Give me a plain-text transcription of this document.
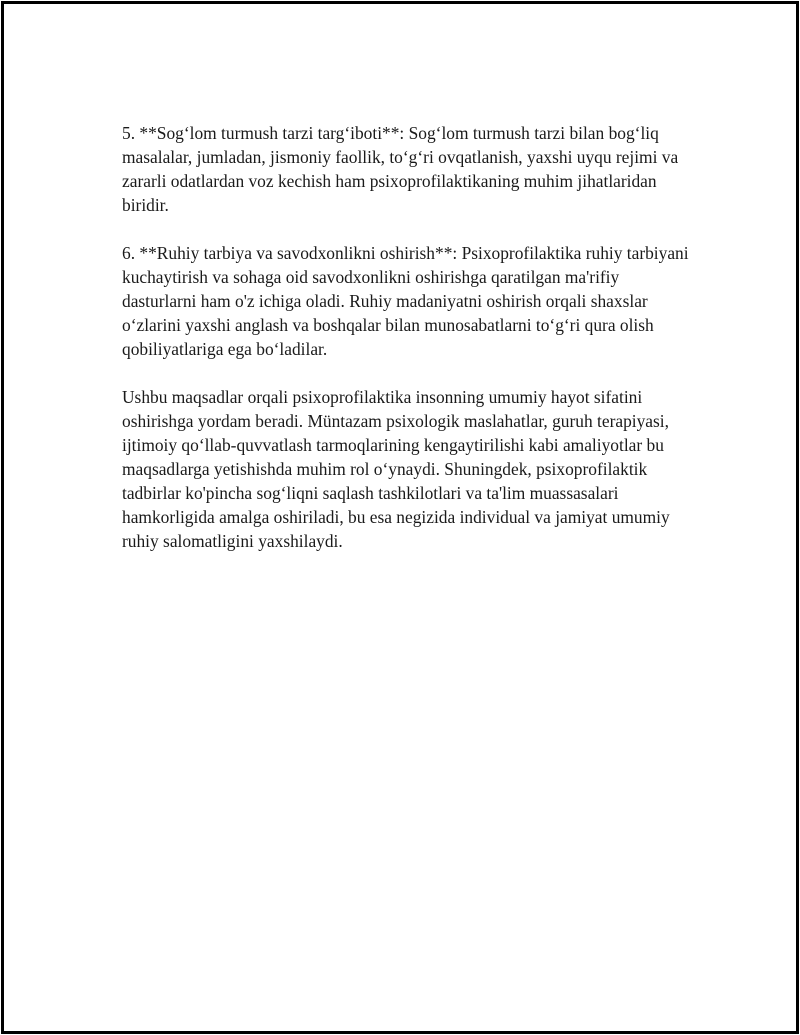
5. **Sog‘lom turmush tarzi targ‘iboti**: Sog‘lom turmush tarzi bilan bog‘liq masalalar, jumladan, jismoniy faollik, to‘g‘ri ovqatlanish, yaxshi uyqu rejimi va zararli odatlardan voz kechish ham psixoprofilaktikaning muhim jihatlaridan biridir.

6. **Ruhiy tarbiya va savodxonlikni oshirish**: Psixoprofilaktika ruhiy tarbiyani kuchaytirish va sohaga oid savodxonlikni oshirishga qaratilgan ma'rifiy dasturlarni ham o'z ichiga oladi. Ruhiy madaniyatni oshirish orqali shaxslar o‘zlarini yaxshi anglash va boshqalar bilan munosabatlarni to‘g‘ri qura olish qobiliyatlariga ega bo‘ladilar.

Ushbu maqsadlar orqali psixoprofilaktika insonning umumiy hayot sifatini oshirishga yordam beradi. Müntazam psixologik maslahatlar, guruh terapiyasi, ijtimoiy qo‘llab-quvvatlash tarmoqlarining kengaytirilishi kabi amaliyotlar bu maqsadlarga yetishishda muhim rol o‘ynaydi. Shuningdek, psixoprofilaktik tadbirlar ko'pincha sog‘liqni saqlash tashkilotlari va ta'lim muassasalari hamkorligida amalga oshiriladi, bu esa negizida individual va jamiyat umumiy ruhiy salomatligini yaxshilaydi.
